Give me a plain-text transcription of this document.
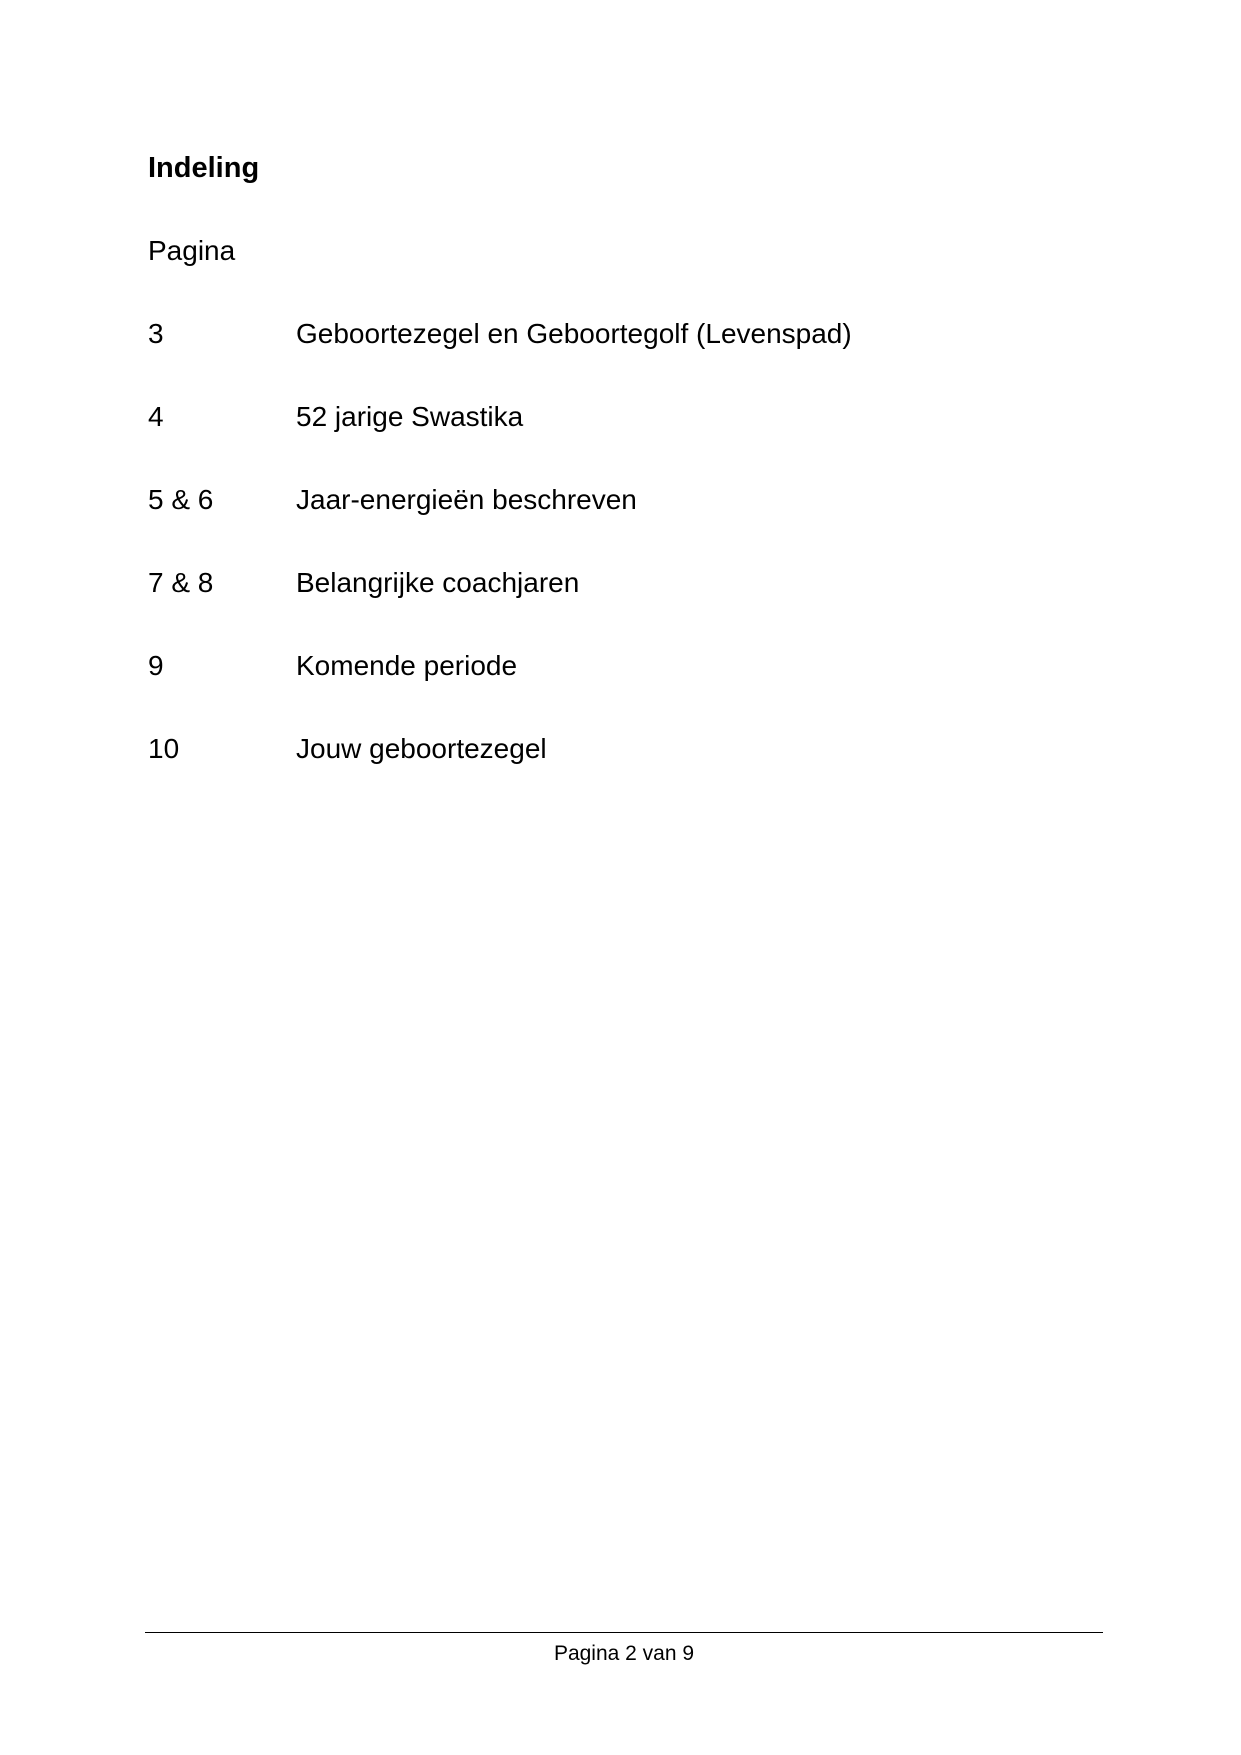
Indeling
Pagina
3	Geboortezegel en Geboortegolf (Levenspad)
4	52 jarige Swastika
5 & 6	Jaar-energieën beschreven
7 & 8	Belangrijke coachjaren
9	Komende periode
10	Jouw geboortezegel
Pagina 2 van 9
